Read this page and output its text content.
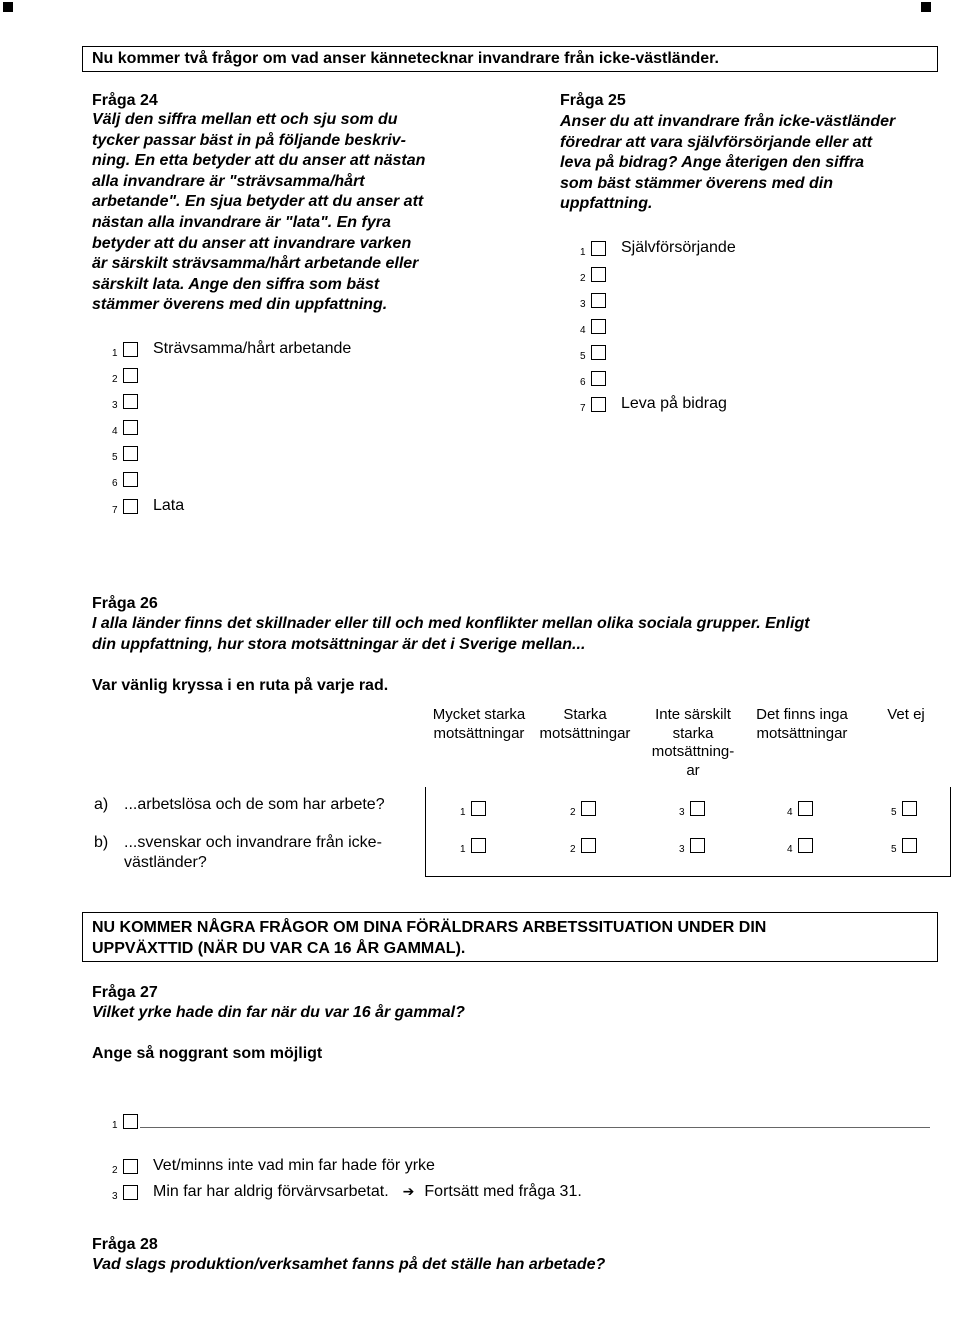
Nu kommer två frågor om vad anser kännetecknar invandrare från icke-västländer.
Fråga 24
Välj den siffra mellan ett och sju som du
tycker passar bäst in på följande beskriv-
ning. En etta betyder att du anser att nästan
alla invandrare är "strävsamma/hårt
arbetande". En sjua betyder att du anser att
nästan alla invandrare är "lata". En fyra
betyder att du anser att invandrare varken
är särskilt strävsamma/hårt arbetande eller
särskilt lata. Ange den siffra som bäst
stämmer överens med din uppfattning.
1 Strävsamma/hårt arbetande
2
3
4
5
6
7 Lata
Fråga 25
Anser du att invandrare från icke-västländer
föredrar att vara självförsörjande eller att
leva på bidrag? Ange återigen den siffra
som bäst stämmer överens med din
uppfattning.
1 Självförsörjande
2
3
4
5
6
7 Leva på bidrag
Fråga 26
I alla länder finns det skillnader eller till och med konflikter mellan olika sociala grupper. Enligt
din uppfattning, hur stora motsättningar är det i Sverige mellan...
Var vänlig kryssa i en ruta på varje rad.
Mycket starka
motsättningar
Starka
motsättningar
Inte särskilt
starka
motsättning-
ar
Det finns inga
motsättningar
Vet ej
a) ...arbetslösa och de som har arbete?	1	2	3	4	5
b) ...svenskar och invandrare från icke-
västländer?
1	2	3	4	5
NU KOMMER NÅGRA FRÅGOR OM DINA FÖRÄLDRARS ARBETSSITUATION UNDER DIN
UPPVÄXTTID (NÄR DU VAR CA 16 ÅR GAMMAL).
Fråga 27
Vilket yrke hade din far när du var 16 år gammal?
Ange så noggrant som möjligt
1
2 Vet/minns inte vad min far hade för yrke
3 Min far har aldrig förvärvsarbetat. ➔ Fortsätt med fråga 31.
Fråga 28
Vad slags produktion/verksamhet fanns på det ställe han arbetade?
